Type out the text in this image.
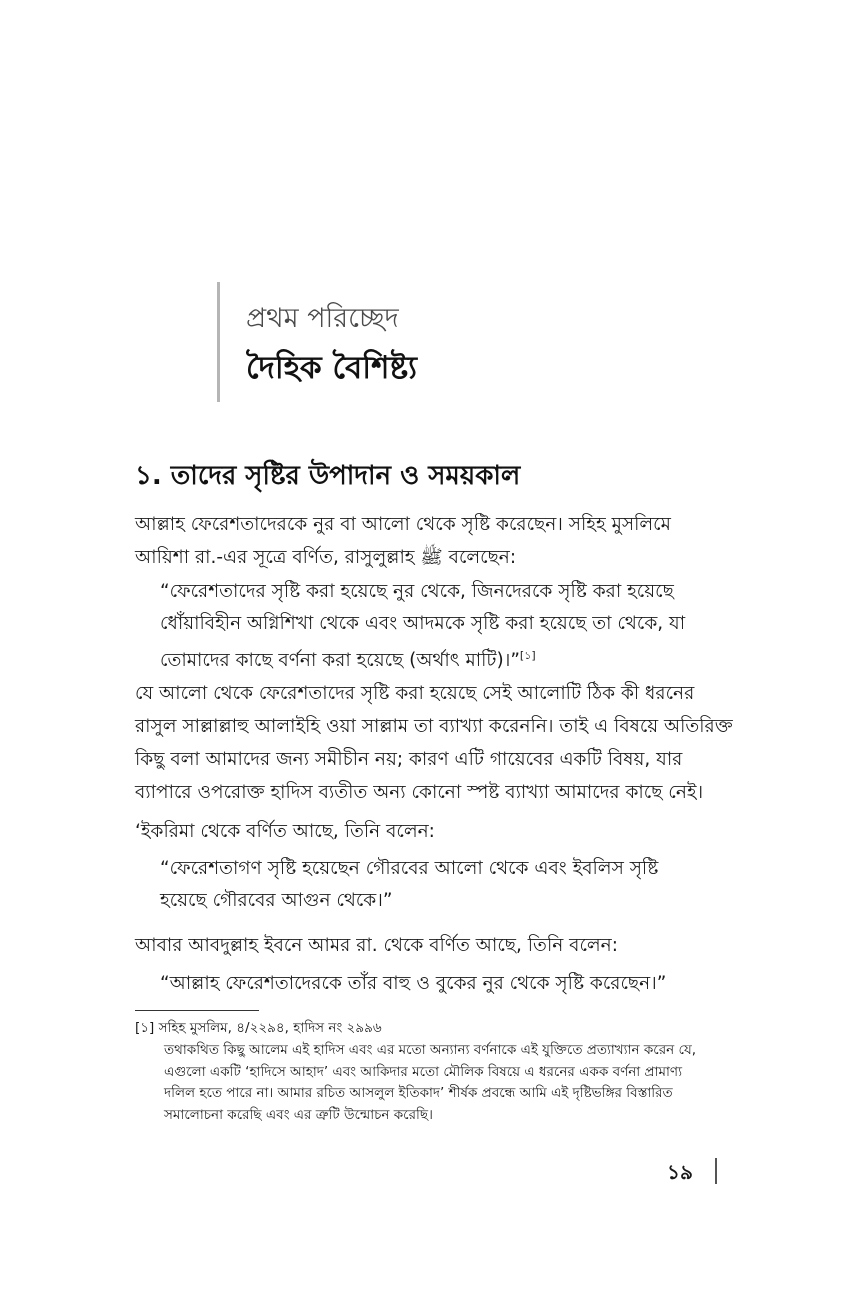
প্রথম পরিচ্ছেদ
দৈহিক বৈশিষ্ট্য
১. তাদের সৃষ্টির উপাদান ও সময়কাল

আল্লাহ ফেরেশতাদেরকে নুর বা আলো থেকে সৃষ্টি করেছেন। সহিহ মুসলিমে
আয়িশা রা.-এর সূত্রে বর্ণিত, রাসুলুল্লাহ ﷺ বলেছেন:

“ফেরেশতাদের সৃষ্টি করা হয়েছে নুর থেকে, জিনদেরকে সৃষ্টি করা হয়েছে
ধোঁয়াবিহীন অগ্নিশিখা থেকে এবং আদমকে সৃষ্টি করা হয়েছে তা থেকে, যা
তোমাদের কাছে বর্ণনা করা হয়েছে (অর্থাৎ মাটি)।”[১]

যে আলো থেকে ফেরেশতাদের সৃষ্টি করা হয়েছে সেই আলোটি ঠিক কী ধরনের
রাসুল সাল্লাল্লাহু আলাইহি ওয়া সাল্লাম তা ব্যাখ্যা করেননি। তাই এ বিষয়ে অতিরিক্ত
কিছু বলা আমাদের জন্য সমীচীন নয়; কারণ এটি গায়েবের একটি বিষয়, যার
ব্যাপারে ওপরোক্ত হাদিস ব্যতীত অন্য কোনো স্পষ্ট ব্যাখ্যা আমাদের কাছে নেই।

‘ইকরিমা থেকে বর্ণিত আছে, তিনি বলেন:

“ফেরেশতাগণ সৃষ্টি হয়েছেন গৌরবের আলো থেকে এবং ইবলিস সৃষ্টি
হয়েছে গৌরবের আগুন থেকে।”

আবার আবদুল্লাহ ইবনে আমর রা. থেকে বর্ণিত আছে, তিনি বলেন:

“আল্লাহ ফেরেশতাদেরকে তাঁর বাহু ও বুকের নুর থেকে সৃষ্টি করেছেন।”

[১] সহিহ মুসলিম, ৪/২২৯৪, হাদিস নং ২৯৯৬
তথাকথিত কিছু আলেম এই হাদিস এবং এর মতো অন্যান্য বর্ণনাকে এই যুক্তিতে প্রত্যাখ্যান করেন যে, এগুলো একটি ‘হাদিসে আহাদ’ এবং আকিদার মতো মৌলিক বিষয়ে এ ধরনের একক বর্ণনা প্রামাণ্য দলিল হতে পারে না। আমার রচিত আসলুল ইতিকাদ’ শীর্ষক প্রবন্ধে আমি এই দৃষ্টিভঙ্গির বিস্তারিত সমালোচনা করেছি এবং এর ত্রুটি উন্মোচন করেছি।
১৯
